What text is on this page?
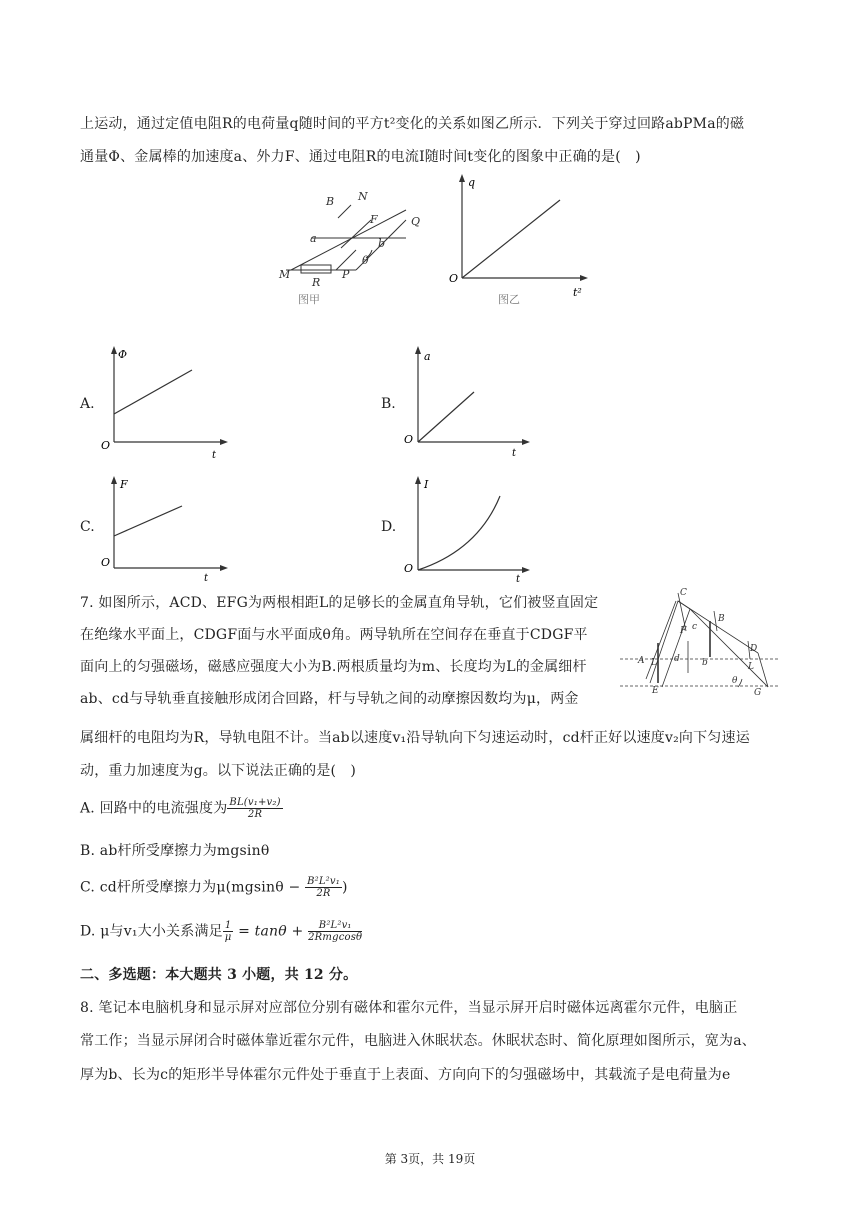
上运动，通过定值电阻R的电荷量q随时间的平方t²变化的关系如图乙所示．下列关于穿过回路abPMa的磁
通量Φ、金属棒的加速度a、外力F、通过电阻R的电流I随时间t变化的图象中正确的是(　)
B N
F	Q
a	b
M
R
P
θ
图甲
q
O
t²
图乙
A.
Φ
O
t
B.
a
O
t
C.
F
O
t
D.
I
O
t
7. 如图所示，ACD、EFG为两根相距L的足够长的金属直角导轨，它们被竖直固定
在绝缘水平面上，CDGF面与水平面成θ角。两导轨所在空间存在垂直于CDGF平
面向上的匀强磁场，磁感应强度大小为B.两根质量均为m、长度均为L的金属细杆
ab、cd与导轨垂直接触形成闭合回路，杆与导轨之间的动摩擦因数均为μ，两金
属细杆的电阻均为R，导轨电阻不计。当ab以速度v₁沿导轨向下匀速运动时，cd杆正好以速度v₂向下匀速运
动，重力加速度为g。以下说法正确的是(　)
C
B
D
A L
F
d
c
b	L
E	G
θ
A. 回路中的电流强度为 $\frac{\text{BL(v₁+v₂)}}{2R}$
B. ab杆所受摩擦力为mgsinθ
C. cd杆所受摩擦力为$\mu(mgsin\theta - \frac{\text{B²L²v₁}}{2R}$ )
D. μ与v₁大小关系满足 $\frac{1}{\mu} = \tan\theta + \frac{\text{B²L²v₁}}{\text{2Rmgcosθ}}$
二、多选题：本大题共 3 小题，共 12 分。
8. 笔记本电脑机身和显示屏对应部位分别有磁体和霍尔元件，当显示屏开启时磁体远离霍尔元件，电脑正
常工作；当显示屏闭合时磁体靠近霍尔元件，电脑进入休眠状态。休眠状态时、简化原理如图所示，宽为a、
厚为b、长为c的矩形半导体霍尔元件处于垂直于上表面、方向向下的匀强磁场中，其载流子是电荷量为e
第 3页，共 19页
